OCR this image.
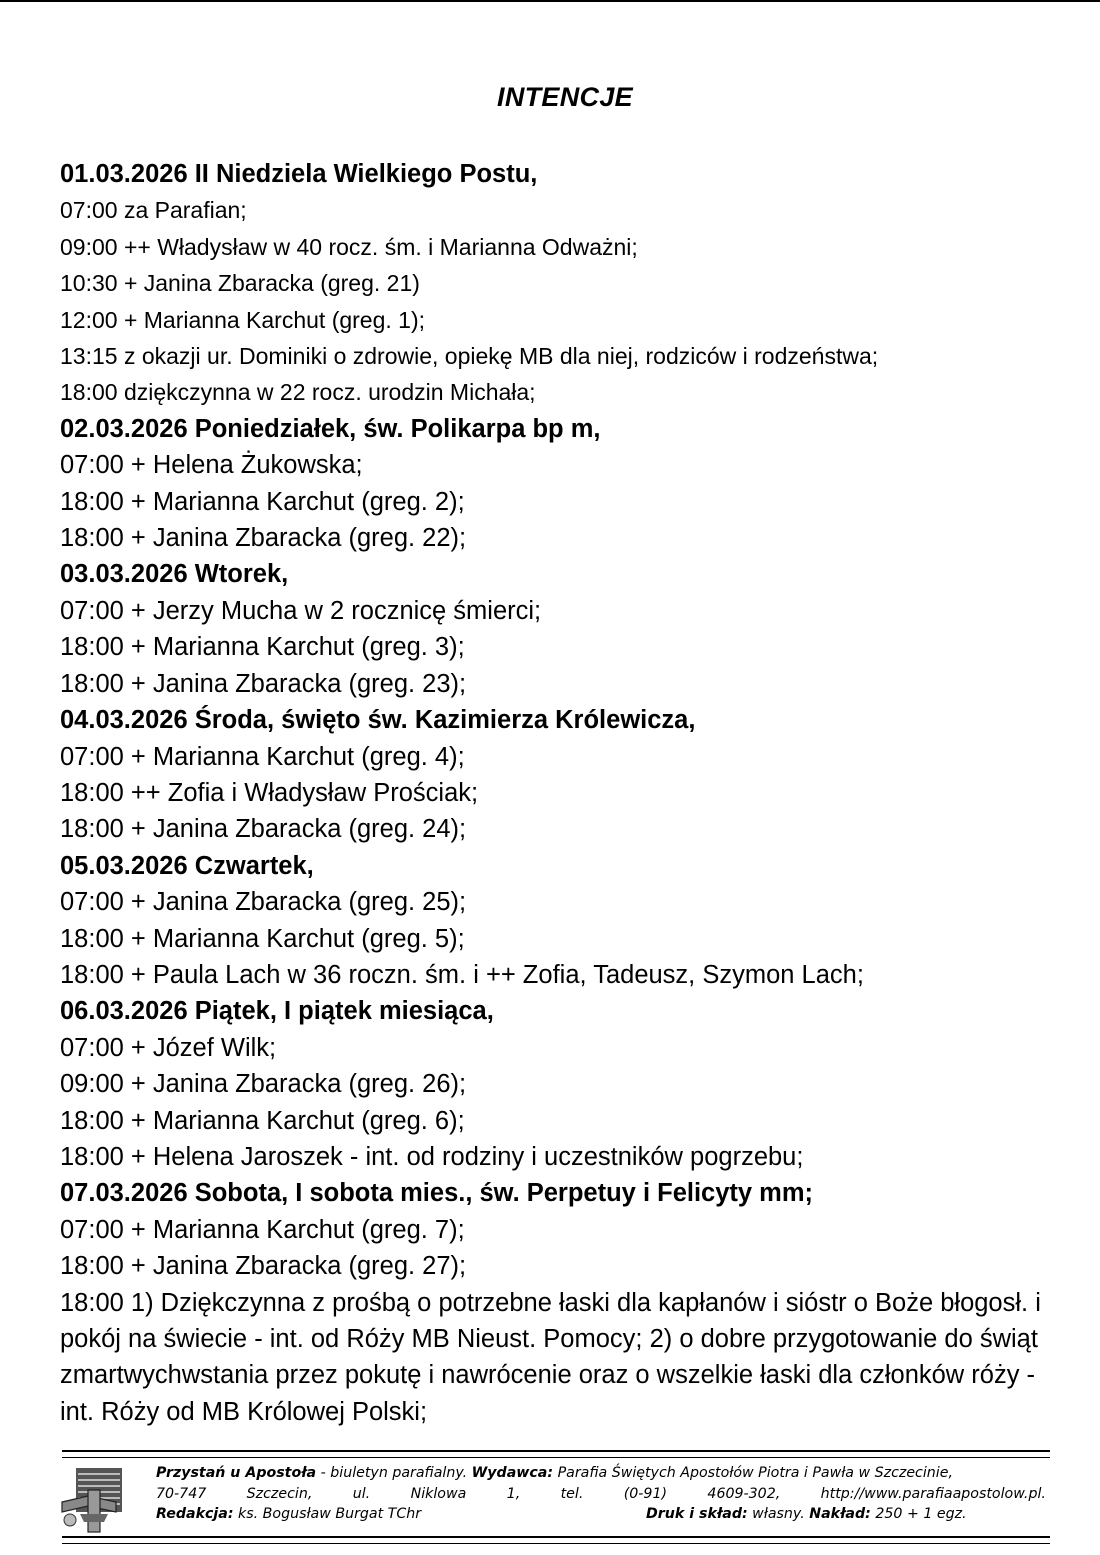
INTENCJE
01.03.2026 II Niedziela Wielkiego Postu,
07:00 za Parafian;
09:00 ++ Władysław w 40 rocz. śm. i Marianna Odważni;
10:30 + Janina Zbaracka (greg. 21)
12:00 + Marianna Karchut (greg. 1);
13:15 z okazji ur. Dominiki o zdrowie, opiekę MB dla niej, rodziców i rodzeństwa;
18:00 dziękczynna w 22 rocz. urodzin Michała;
02.03.2026 Poniedziałek, św. Polikarpa bp m,
07:00 + Helena Żukowska;
18:00 + Marianna Karchut (greg. 2);
18:00 + Janina Zbaracka (greg. 22);
03.03.2026 Wtorek,
07:00 + Jerzy Mucha w 2 rocznicę śmierci;
18:00 + Marianna Karchut (greg. 3);
18:00 + Janina Zbaracka (greg. 23);
04.03.2026 Środa, święto św. Kazimierza Królewicza,
07:00 + Marianna Karchut (greg. 4);
18:00 ++ Zofia i Władysław Prościak;
18:00 + Janina Zbaracka (greg. 24);
05.03.2026 Czwartek,
07:00 + Janina Zbaracka (greg. 25);
18:00 + Marianna Karchut (greg. 5);
18:00 + Paula Lach w 36 roczn. śm. i ++ Zofia, Tadeusz, Szymon Lach;
06.03.2026 Piątek, I piątek miesiąca,
07:00 + Józef Wilk;
09:00 + Janina Zbaracka (greg. 26);
18:00 + Marianna Karchut (greg. 6);
18:00 + Helena Jaroszek - int. od rodziny i uczestników pogrzebu;
07.03.2026 Sobota, I sobota mies., św. Perpetuy i Felicyty mm;
07:00 + Marianna Karchut (greg. 7);
18:00 + Janina Zbaracka (greg. 27);
18:00 1) Dziękczynna z prośbą o potrzebne łaski dla kapłanów i sióstr o Boże błogosł. i pokój na świecie - int. od Róży MB Nieust. Pomocy; 2) o dobre przygotowanie do świąt zmartwychwstania przez pokutę i nawrócenie oraz o wszelkie łaski dla członków róży - int. Róży od MB Królowej Polski;
Przystań u Apostoła - biuletyn parafialny. Wydawca: Parafia Świętych Apostołów Piotra i Pawła w Szczecinie,
70-747	Szczecin,	ul.	Niklowa	1,	tel.	(0-91)	4609-302,	http://www.parafiaapostolow.pl.
Redakcja: ks. Bogusław Burgat TChr	Druk i skład: własny. Nakład: 250 + 1 egz.
